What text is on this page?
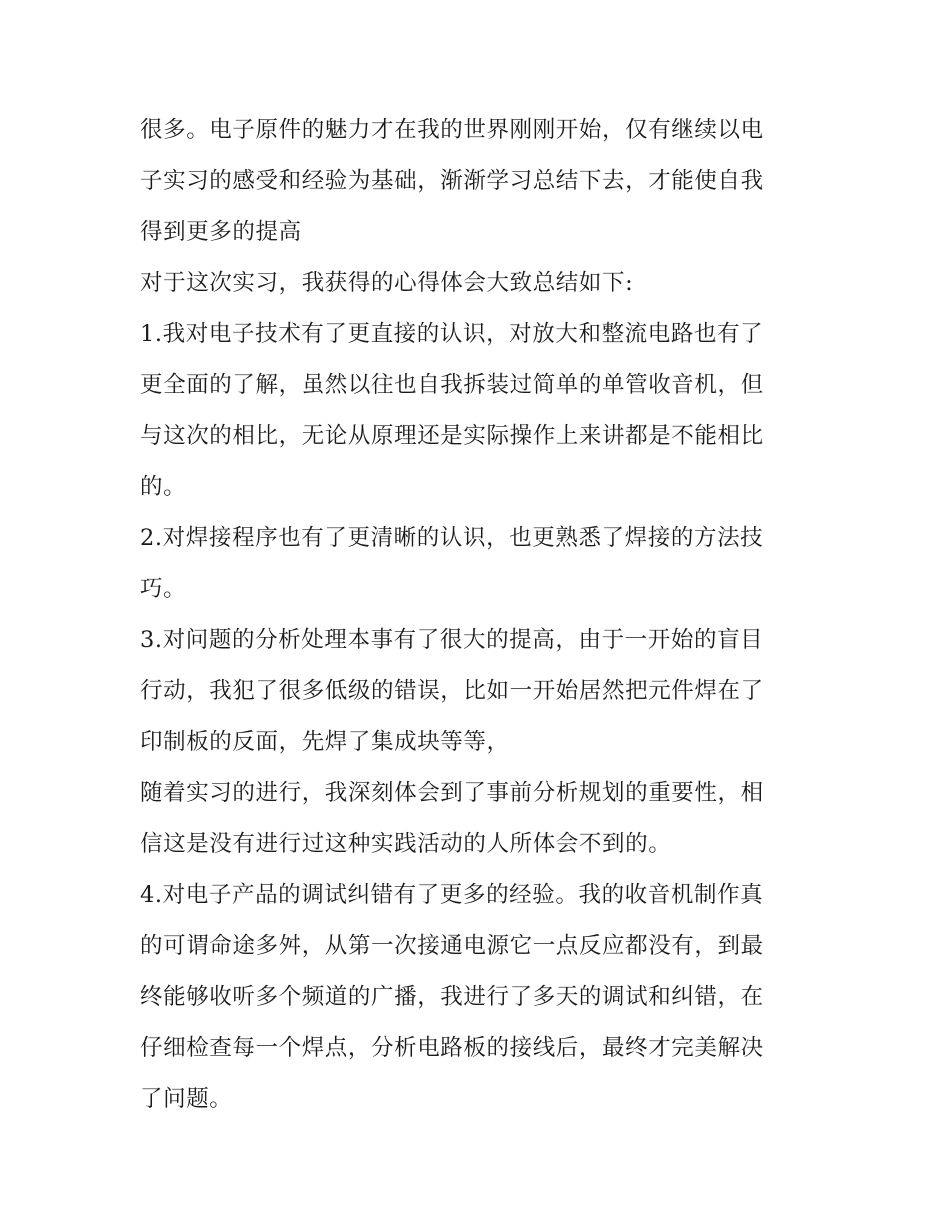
很多。电子原件的魅力才在我的世界刚刚开始，仅有继续以电
子实习的感受和经验为基础，渐渐学习总结下去，才能使自我
得到更多的提高
对于这次实习，我获得的心得体会大致总结如下:
1.我对电子技术有了更直接的认识，对放大和整流电路也有了
更全面的了解，虽然以往也自我拆装过简单的单管收音机，但
与这次的相比，无论从原理还是实际操作上来讲都是不能相比
的。
2.对焊接程序也有了更清晰的认识，也更熟悉了焊接的方法技
巧。
3.对问题的分析处理本事有了很大的提高，由于一开始的盲目
行动，我犯了很多低级的错误，比如一开始居然把元件焊在了
印制板的反面，先焊了集成块等等，
随着实习的进行，我深刻体会到了事前分析规划的重要性，相
信这是没有进行过这种实践活动的人所体会不到的。
4.对电子产品的调试纠错有了更多的经验。我的收音机制作真
的可谓命途多舛，从第一次接通电源它一点反应都没有，到最
终能够收听多个频道的广播，我进行了多天的调试和纠错，在
仔细检查每一个焊点，分析电路板的接线后，最终才完美解决
了问题。
